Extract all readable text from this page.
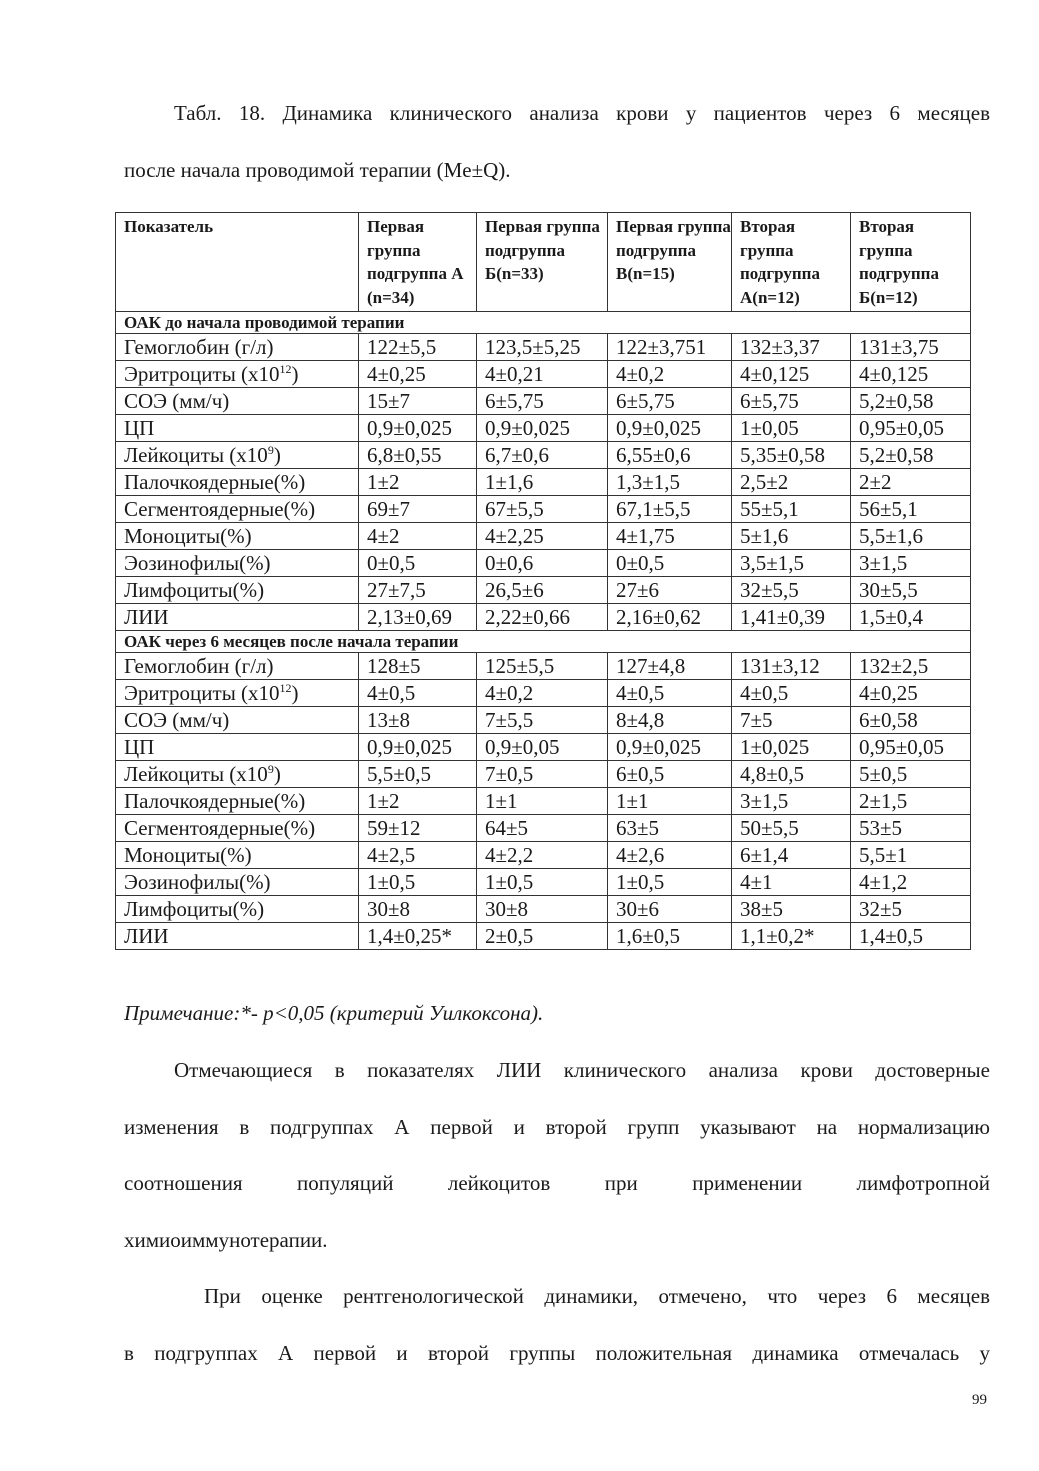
Табл. 18. Динамика клинического анализа крови у пациентов через 6 месяцев

после начала проводимой терапии (Me±Q).

Показатель	Первая группа подгруппа А (n=34)	Первая группа подгруппа Б(n=33)	Первая группа подгруппа В(n=15)	Вторая группа подгруппа А(n=12)	Вторая группа подгруппа Б(n=12)
ОАК до начала проводимой терапии					
Гемоглобин (г/л)	122±5,5	123,5±5,25	122±3,751	132±3,37	131±3,75
Эритроциты $(х10^{12})$	4±0,25	4±0,21	4±0,2	4±0,125	4±0,125
СОЭ (мм/ч)	15±7	6±5,75	6±5,75	6±5,75	5,2±0,58
ЦП	0,9±0,025	0,9±0,025	0,9±0,025	1±0,05	0,95±0,05
Лейкоциты $(х10^9)$	6,8±0,55	6,7±0,6	6,55±0,6	5,35±0,58	5,2±0,58
Палочкоядерные(%)	1±2	1±1,6	1,3±1,5	2,5±2	2±2
Сегментоядерные(%)	69±7	67±5,5	67,1±5,5	55±5,1	56±5,1
Моноциты(%)	4±2	4±2,25	4±1,75	5±1,6	5,5±1,6
Эозинофилы(%)	0±0,5	0±0,6	0±0,5	3,5±1,5	3±1,5
Лимфоциты(%)	27±7,5	26,5±6	27±6	32±5,5	30±5,5
ЛИИ	2,13±0,69	2,22±0,66	2,16±0,62	1,41±0,39	1,5±0,4
ОАК через 6 месяцев после начала терапии					
Гемоглобин (г/л)	128±5	125±5,5	127±4,8	131±3,12	132±2,5
Эритроциты $(х10^{12})$	4±0,5	4±0,2	4±0,5	4±0,5	4±0,25
СОЭ (мм/ч)	13±8	7±5,5	8±4,8	7±5	6±0,58
ЦП	0,9±0,025	0,9±0,05	0,9±0,025	1±0,025	0,95±0,05
Лейкоциты $(х10^9)$	5,5±0,5	7±0,5	6±0,5	4,8±0,5	5±0,5
Палочкоядерные(%)	1±2	1±1	1±1	3±1,5	2±1,5
Сегментоядерные(%)	59±12	64±5	63±5	50±5,5	53±5
Моноциты(%)	4±2,5	4±2,2	4±2,6	6±1,4	5,5±1
Эозинофилы(%)	1±0,5	1±0,5	1±0,5	4±1	4±1,2
Лимфоциты(%)	30±8	30±8	30±6	38±5	32±5
ЛИИ	1,4±0,25*	2±0,5	1,6±0,5	1,1±0,2*	1,4±0,5

Примечание:*- p<0,05 (критерий Уилкоксона).

Отмечающиеся в показателях ЛИИ клинического анализа крови достоверные

изменения в подгруппах А первой и второй групп указывают на нормализацию

соотношения популяций лейкоцитов при применении лимфотропной

химиоиммунотерапии.

При оценке рентгенологической динамики, отмечено, что через 6 месяцев

в подгруппах А первой и второй группы положительная динамика отмечалась у

99
